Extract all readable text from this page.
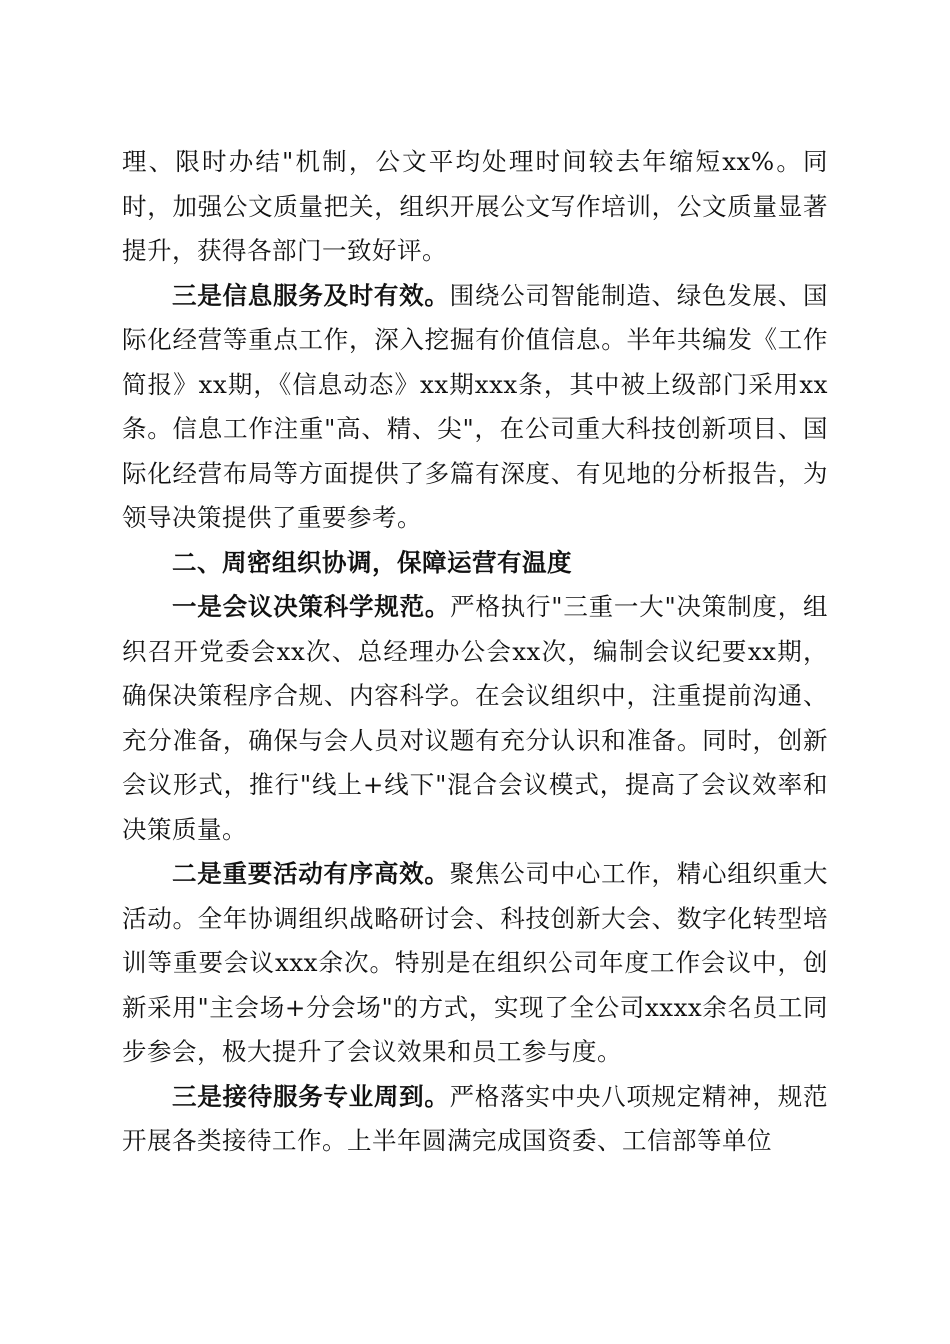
理、限时办结"机制，公文平均处理时间较去年缩短xx%。同时，加强公文质量把关，组织开展公文写作培训，公文质量显著提升，获得各部门一致好评。

三是信息服务及时有效。围绕公司智能制造、绿色发展、国际化经营等重点工作，深入挖掘有价值信息。半年共编发《工作简报》xx期，《信息动态》xx期xxx条，其中被上级部门采用xx条。信息工作注重"高、精、尖"，在公司重大科技创新项目、国际化经营布局等方面提供了多篇有深度、有见地的分析报告，为领导决策提供了重要参考。

二、周密组织协调，保障运营有温度

一是会议决策科学规范。严格执行"三重一大"决策制度，组织召开党委会xx次、总经理办公会xx次，编制会议纪要xx期，确保决策程序合规、内容科学。在会议组织中，注重提前沟通、充分准备，确保与会人员对议题有充分认识和准备。同时，创新会议形式，推行"线上+线下"混合会议模式，提高了会议效率和决策质量。

二是重要活动有序高效。聚焦公司中心工作，精心组织重大活动。全年协调组织战略研讨会、科技创新大会、数字化转型培训等重要会议xxx余次。特别是在组织公司年度工作会议中，创新采用"主会场+分会场"的方式，实现了全公司xxxx余名员工同步参会，极大提升了会议效果和员工参与度。

三是接待服务专业周到。严格落实中央八项规定精神，规范开展各类接待工作。上半年圆满完成国资委、工信部等单位
